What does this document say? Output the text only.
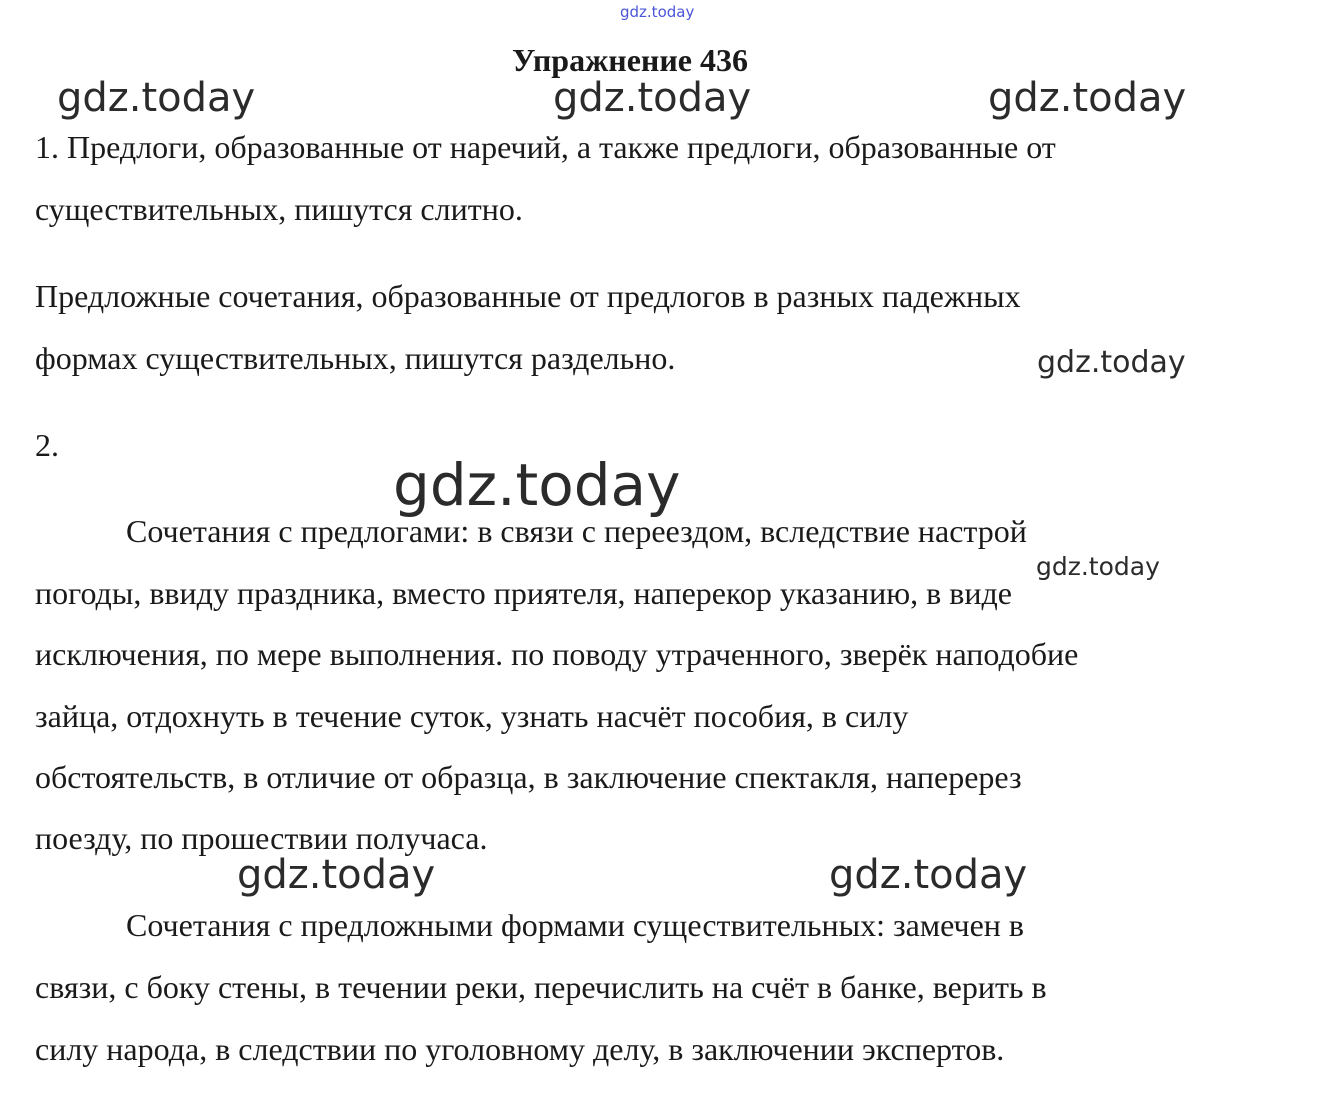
gdz.today
gdz.today	gdz.today	gdz.today
gdz.today
gdz.today
gdz.today
gdz.today	gdz.today
Упражнение 436
1. Предлоги, образованные от наречий, а также предлоги, образованные от
существительных, пишутся слитно.
Предложные сочетания, образованные от предлогов в разных падежных
формах существительных, пишутся раздельно.
2.
Сочетания с предлогами: в связи с переездом, вследствие настрой
погоды, ввиду праздника, вместо приятеля, наперекор указанию, в виде
исключения, по мере выполнения. по поводу утраченного, зверёк наподобие
зайца, отдохнуть в течение суток, узнать насчёт пособия, в силу
обстоятельств, в отличие от образца, в заключение спектакля, наперерез
поезду, по прошествии получаса.
Сочетания с предложными формами существительных: замечен в
связи, с боку стены, в течении реки, перечислить на счёт в банке, верить в
силу народа, в следствии по уголовному делу, в заключении экспертов.
